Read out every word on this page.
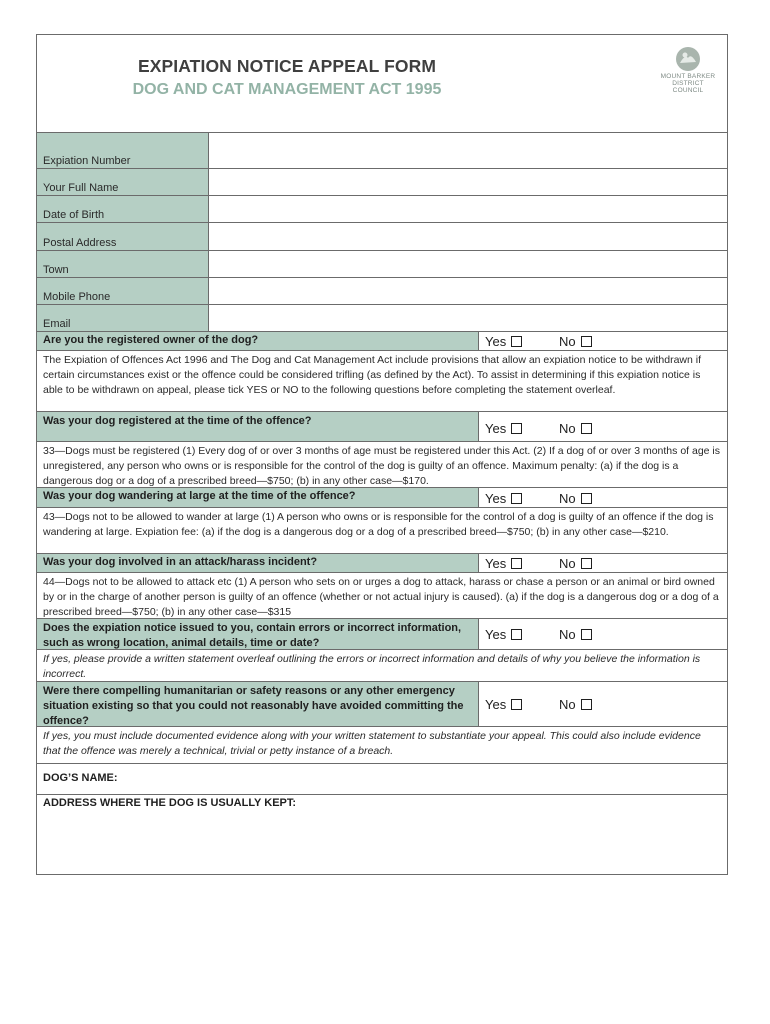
EXPIATION NOTICE APPEAL FORM
DOG AND CAT MANAGEMENT ACT 1995
MOUNT BARKER
DISTRICT COUNCIL
Expiation Number
Your Full Name
Date of Birth
Postal Address
Town
Mobile Phone
Email
Are you the registered owner of the dog?	Yes	No
The Expiation of Offences Act 1996 and The Dog and Cat Management Act include provisions that allow an expiation notice to be withdrawn if certain circumstances exist or the offence could be considered trifling (as defined by the Act). To assist in determining if this expiation notice is able to be withdrawn on appeal, please tick YES or NO to the following questions before completing the statement overleaf.
Was your dog registered at the time of the offence?	Yes	No
33—Dogs must be registered (1) Every dog of or over 3 months of age must be registered under this Act. (2) If a dog of or over 3 months of age is unregistered, any person who owns or is responsible for the control of the dog is guilty of an offence. Maximum penalty: (a) if the dog is a dangerous dog or a dog of a prescribed breed—$750; (b) in any other case—$170.
Was your dog wandering at large at the time of the offence?	Yes	No
43—Dogs not to be allowed to wander at large (1) A person who owns or is responsible for the control of a dog is guilty of an offence if the dog is wandering at large. Expiation fee: (a) if the dog is a dangerous dog or a dog of a prescribed breed—$750; (b) in any other case—$210.
Was your dog involved in an attack/harass incident?	Yes	No
44—Dogs not to be allowed to attack etc (1) A person who sets on or urges a dog to attack, harass or chase a person or an animal or bird owned by or in the charge of another person is guilty of an offence (whether or not actual injury is caused). (a) if the dog is a dangerous dog or a dog of a prescribed breed—$750; (b) in any other case—$315
Does the expiation notice issued to you, contain errors or incorrect information, such as wrong location, animal details, time or date?
Yes	No
If yes, please provide a written statement overleaf outlining the errors or incorrect information and details of why you believe the information is incorrect.
Were there compelling humanitarian or safety reasons or any other emergency situation existing so that you could not reasonably have avoided committing the offence?
Yes	No
If yes, you must include documented evidence along with your written statement to substantiate your appeal. This could also include evidence that the offence was merely a technical, trivial or petty instance of a breach.
DOG’S NAME:
ADDRESS WHERE THE DOG IS USUALLY KEPT:
